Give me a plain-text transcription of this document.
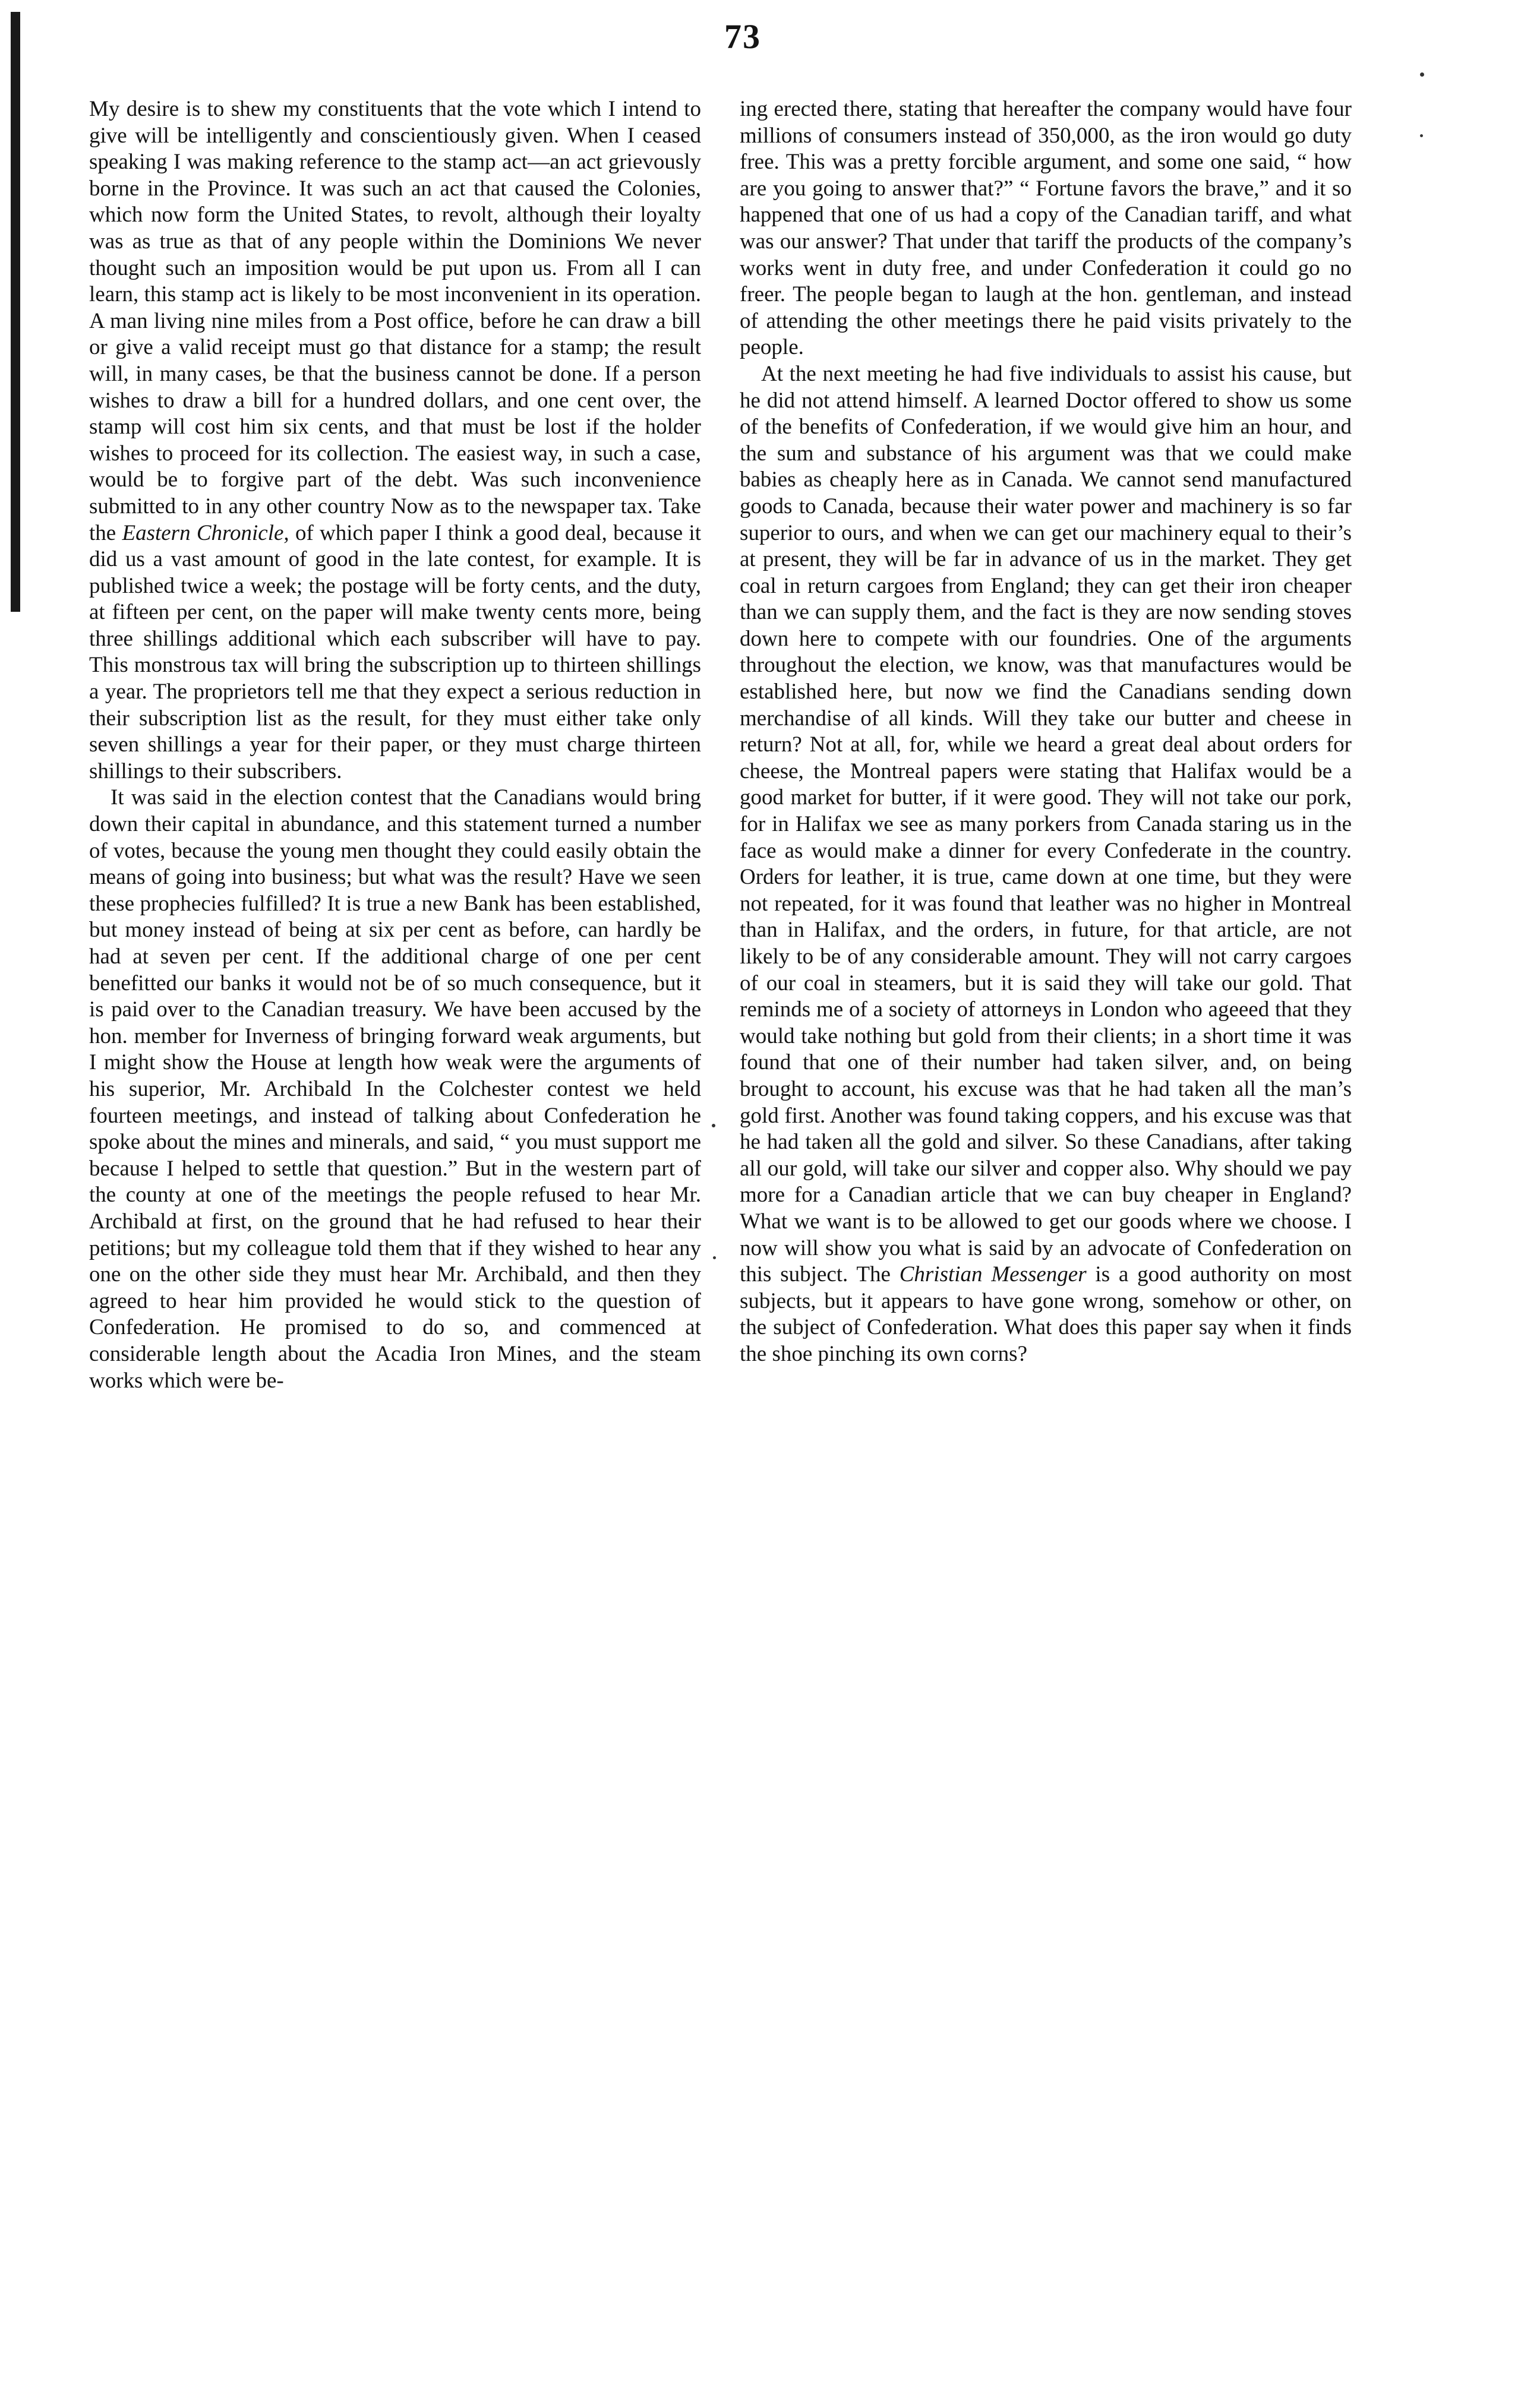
73

My desire is to shew my constituents that the vote which I intend to give will be intelligently and conscientiously given. When I ceased speaking I was making reference to the stamp act—an act grievously borne in the Province. It was such an act that caused the Colonies, which now form the United States, to revolt, although their loyalty was as true as that of any people within the Dominions We never thought such an imposition would be put upon us. From all I can learn, this stamp act is likely to be most inconvenient in its operation. A man living nine miles from a Post office, before he can draw a bill or give a valid receipt must go that distance for a stamp; the result will, in many cases, be that the business cannot be done. If a person wishes to draw a bill for a hundred dollars, and one cent over, the stamp will cost him six cents, and that must be lost if the holder wishes to proceed for its collection. The easiest way, in such a case, would be to forgive part of the debt. Was such inconvenience submitted to in any other country Now as to the newspaper tax. Take the Eastern Chronicle, of which paper I think a good deal, because it did us a vast amount of good in the late contest, for example. It is published twice a week; the postage will be forty cents, and the duty, at fifteen per cent, on the paper will make twenty cents more, being three shillings additional which each subscriber will have to pay. This monstrous tax will bring the subscription up to thirteen shillings a year. The proprietors tell me that they expect a serious reduction in their subscription list as the result, for they must either take only seven shillings a year for their paper, or they must charge thirteen shillings to their subscribers.

It was said in the election contest that the Canadians would bring down their capital in abundance, and this statement turned a number of votes, because the young men thought they could easily obtain the means of going into business; but what was the result? Have we seen these prophecies fulfilled? It is true a new Bank has been established, but money instead of being at six per cent as before, can hardly be had at seven per cent. If the additional charge of one per cent benefitted our banks it would not be of so much consequence, but it is paid over to the Canadian treasury. We have been accused by the hon. member for Inverness of bringing forward weak arguments, but I might show the House at length how weak were the arguments of his superior, Mr. Archibald In the Colchester contest we held fourteen meetings, and instead of talking about Confederation he spoke about the mines and minerals, and said, “ you must support me because I helped to settle that question.” But in the western part of the county at one of the meetings the people refused to hear Mr. Archibald at first, on the ground that he had refused to hear their petitions; but my colleague told them that if they wished to hear any one on the other side they must hear Mr. Archibald, and then they agreed to hear him provided he would stick to the question of Confederation. He promised to do so, and commenced at considerable length about the Acadia Iron Mines, and the steam works which were be-

ing erected there, stating that hereafter the company would have four millions of consumers instead of 350,000, as the iron would go duty free. This was a pretty forcible argument, and some one said, “ how are you going to answer that?” “ Fortune favors the brave,” and it so happened that one of us had a copy of the Canadian tariff, and what was our answer? That under that tariff the products of the company’s works went in duty free, and under Confederation it could go no freer. The people began to laugh at the hon. gentleman, and instead of attending the other meetings there he paid visits privately to the people.

At the next meeting he had five individuals to assist his cause, but he did not attend himself. A learned Doctor offered to show us some of the benefits of Confederation, if we would give him an hour, and the sum and substance of his argument was that we could make babies as cheaply here as in Canada. We cannot send manufactured goods to Canada, because their water power and machinery is so far superior to ours, and when we can get our machinery equal to their’s at present, they will be far in advance of us in the market. They get coal in return cargoes from England; they can get their iron cheaper than we can supply them, and the fact is they are now sending stoves down here to compete with our foundries. One of the arguments throughout the election, we know, was that manufactures would be established here, but now we find the Canadians sending down merchandise of all kinds. Will they take our butter and cheese in return? Not at all, for, while we heard a great deal about orders for cheese, the Montreal papers were stating that Halifax would be a good market for butter, if it were good. They will not take our pork, for in Halifax we see as many porkers from Canada staring us in the face as would make a dinner for every Confederate in the country. Orders for leather, it is true, came down at one time, but they were not repeated, for it was found that leather was no higher in Montreal than in Halifax, and the orders, in future, for that article, are not likely to be of any considerable amount. They will not carry cargoes of our coal in steamers, but it is said they will take our gold. That reminds me of a society of attorneys in London who ageeed that they would take nothing but gold from their clients; in a short time it was found that one of their number had taken silver, and, on being brought to account, his excuse was that he had taken all the man’s gold first. Another was found taking coppers, and his excuse was that he had taken all the gold and silver. So these Canadians, after taking all our gold, will take our silver and copper also. Why should we pay more for a Canadian article that we can buy cheaper in England? What we want is to be allowed to get our goods where we choose. I now will show you what is said by an advocate of Confederation on this subject. The Christian Messenger is a good authority on most subjects, but it appears to have gone wrong, somehow or other, on the subject of Confederation. What does this paper say when it finds the shoe pinching its own corns?
